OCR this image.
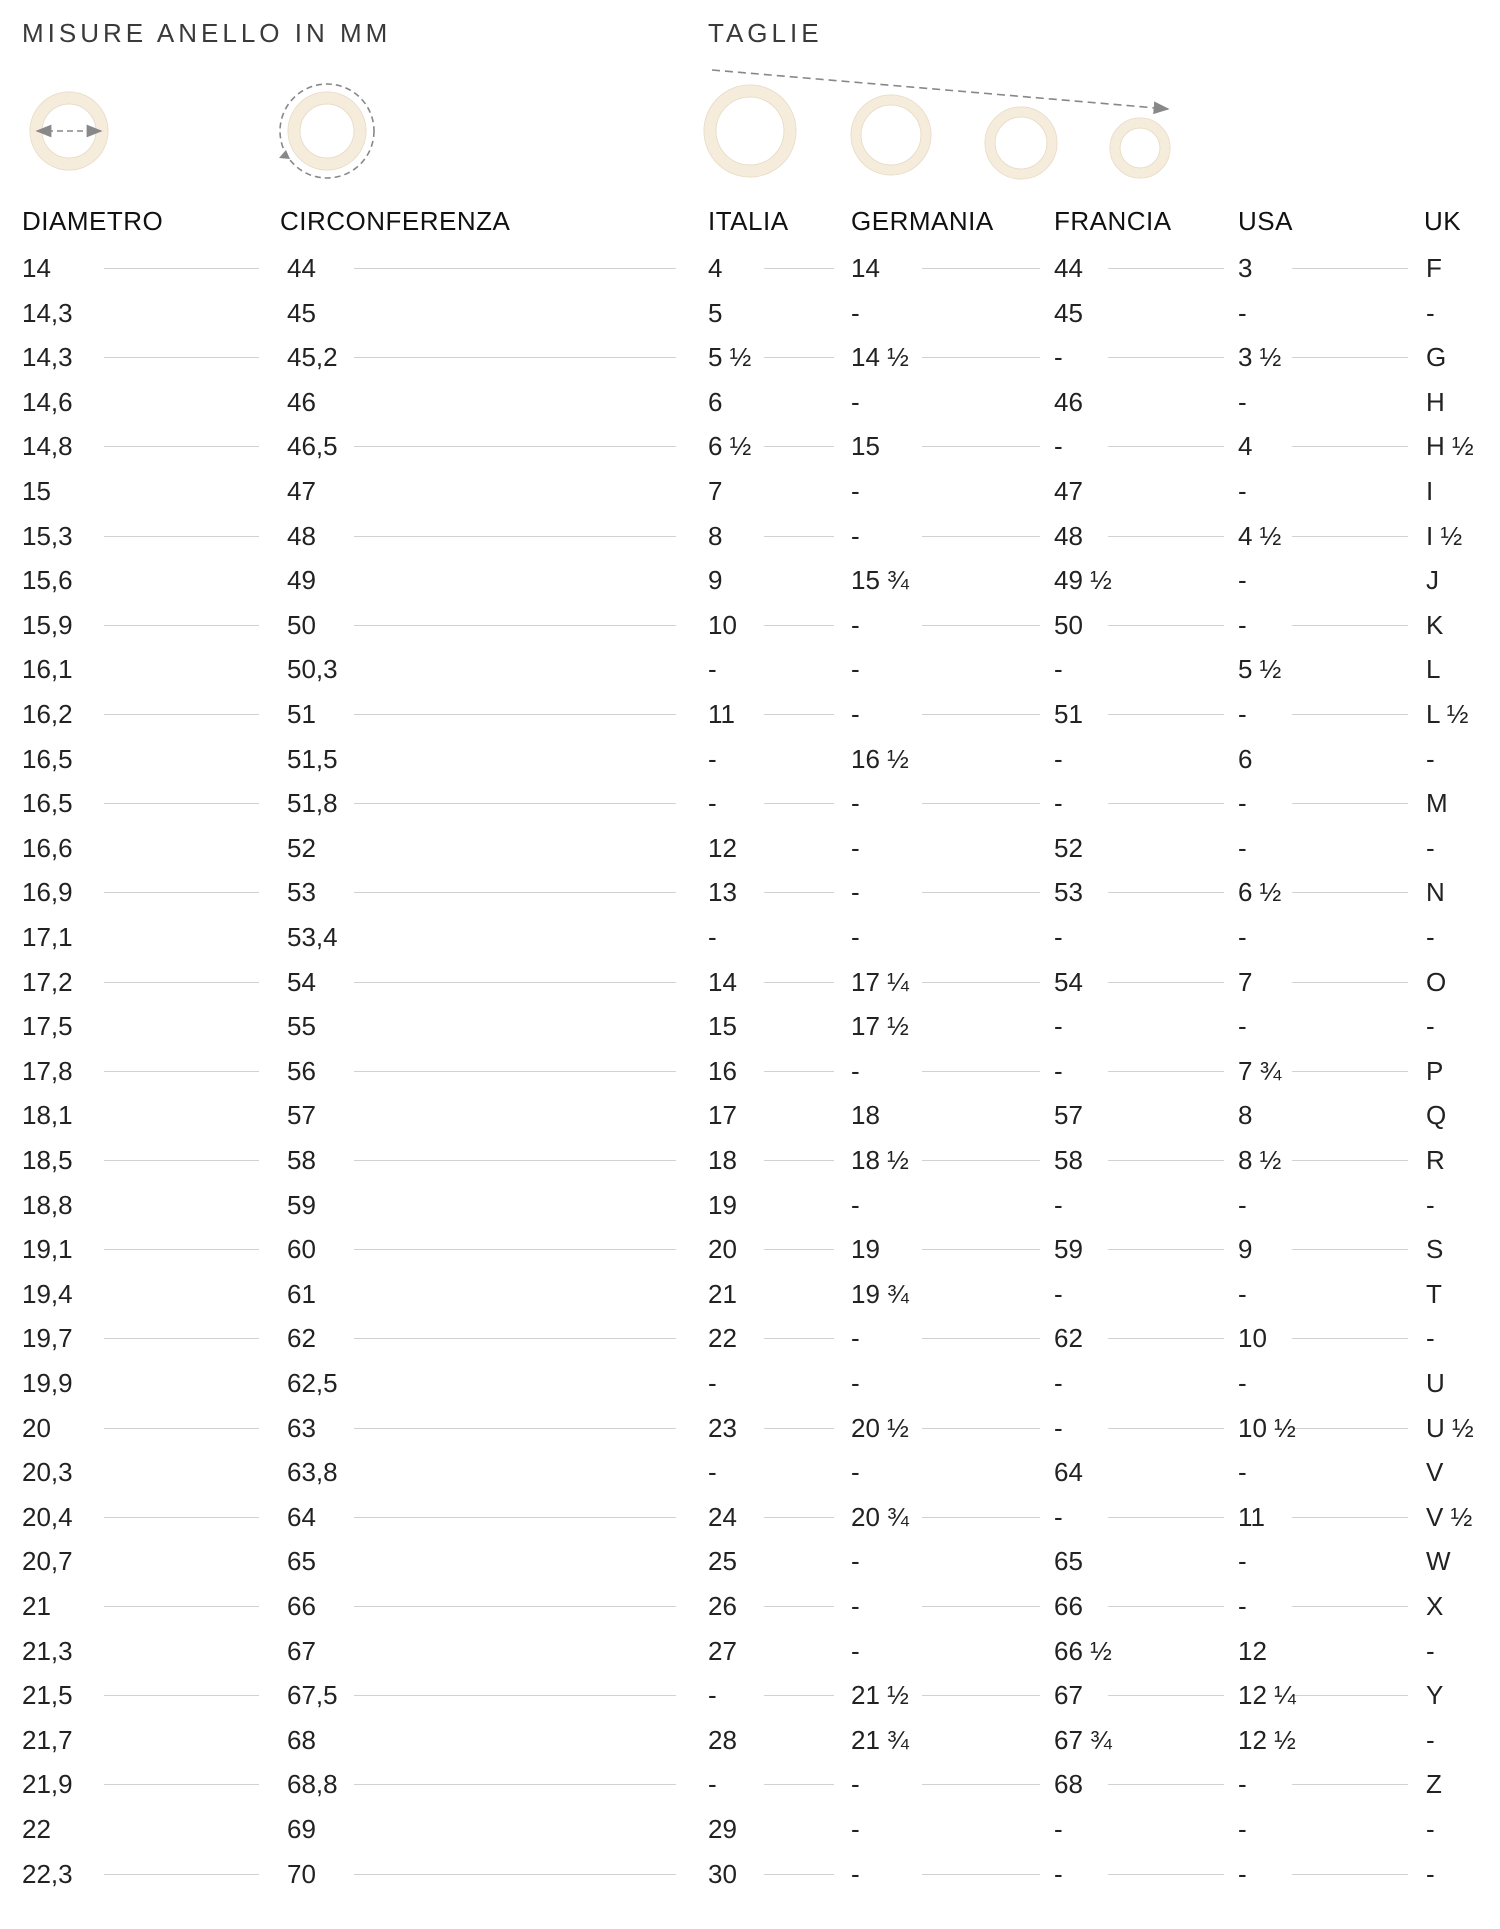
MISURE ANELLO IN MM	TAGLIE
DIAMETRO	CIRCONFERENZA	ITALIA GERMANIA FRANCIA	USA	UK
14	44	4	14	44	3	F
14,3	45	5	-	45	-	-
14,3	45,2	5 ½	14 ½	-	3 ½	G
14,6	46	6	-	46	-	H
14,8	46,5	6 ½	15	-	4	H ½
15	47	7	-	47	-	I
15,3	48	8	-	48	4 ½	I ½
15,6	49	9	15 ¾	49 ½	-	J
15,9	50	10	-	50	-	K
16,1	50,3	-	-	-	5 ½	L
16,2	51	11	-	51	-	L ½
16,5	51,5	-	16 ½	-	6	-
16,5	51,8	-	-	-	-	M
16,6	52	12	-	52	-	-
16,9	53	13	-	53	6 ½	N
17,1	53,4	-	-	-	-	-
17,2	54	14	17 ¼	54	7	O
17,5	55	15	17 ½	-	-	-
17,8	56	16	-	-	7 ¾	P
18,1	57	17	18	57	8	Q
18,5	58	18	18 ½	58	8 ½	R
18,8	59	19	-	-	-	-
19,1	60	20	19	59	9	S
19,4	61	21	19 ¾	-	-	T
19,7	62	22	-	62	10	-
19,9	62,5	-	-	-	-	U
20	63	23	20 ½	-	10 ½	U ½
20,3	63,8	-	-	64	-	V
20,4	64	24	20 ¾	-	11	V ½
20,7	65	25	-	65	-	W
21	66	26	-	66	-	X
21,3	67	27	-	66 ½	12	-
21,5	67,5	-	21 ½	67	12 ¼	Y
21,7	68	28	21 ¾	67 ¾	12 ½	-
21,9	68,8	-	-	68	-	Z
22	69	29	-	-	-	-
22,3	70	30	-	-	-	-
